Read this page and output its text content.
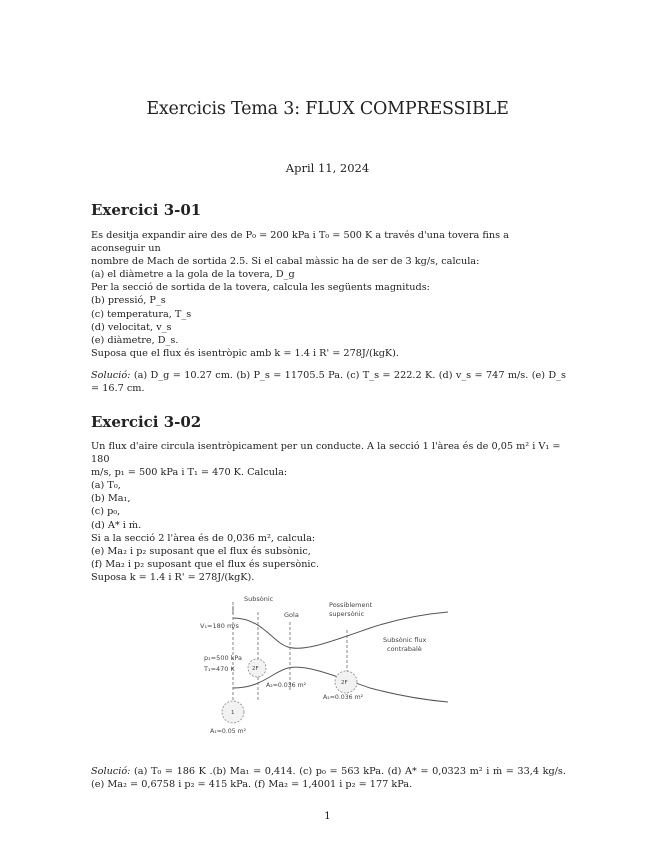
Exercicis Tema 3: FLUX COMPRESSIBLE
April 11, 2024
Exercici 3-01

Es desitja expandir aire des de P₀ = 200 kPa i T₀ = 500 K a través d'una tovera fins a aconseguir un

nombre de Mach de sortida 2.5. Si el cabal màssic ha de ser de 3 kg/s, calcula:

(a) el diàmetre a la gola de la tovera, D_g

Per la secció de sortida de la tovera, calcula les següents magnituds:

(b) pressió, P_s

(c) temperatura, T_s

(d) velocitat, v_s

(e) diàmetre, D_s.

Suposa que el flux és isentròpic amb k = 1.4 i R' = 278J/(kgK).

Solució: (a) D_g = 10.27 cm. (b) P_s = 11705.5 Pa. (c) T_s = 222.2 K. (d) v_s = 747 m/s. (e) D_s = 16.7 cm.
Exercici 3-02

Un flux d'aire circula isentròpicament per un conducte. A la secció 1 l'àrea és de 0,05 m² i V₁ = 180

m/s, p₁ = 500 kPa i T₁ = 470 K. Calcula:

(a) T₀,

(b) Ma₁,

(c) p₀,

(d) A* i ṁ.

Si a la secció 2 l'àrea és de 0,036 m², calcula:

(e) Ma₂ i p₂ suposant que el flux és subsònic,

(f) Ma₂ i p₂ suposant que el flux és supersònic.

Suposa k = 1.4 i R' = 278J/(kgK).

Subsònic
V₁=180 m/s
p₁=500 kPa
T₁=470 K
Gola
Possiblement
supersònic
Subsònic flux
contrabalè
A₂=0.036 m²
A₂=0.036 m²
A₁=0.05 m²
2F
1
2F
Solució: (a) T₀ = 186 K .(b) Ma₁ = 0,414. (c) p₀ = 563 kPa. (d) A* = 0,0323 m² i ṁ = 33,4 kg/s. (e) Ma₂ = 0,6758 i p₂ = 415 kPa. (f) Ma₂ = 1,4001 i p₂ = 177 kPa.
1
